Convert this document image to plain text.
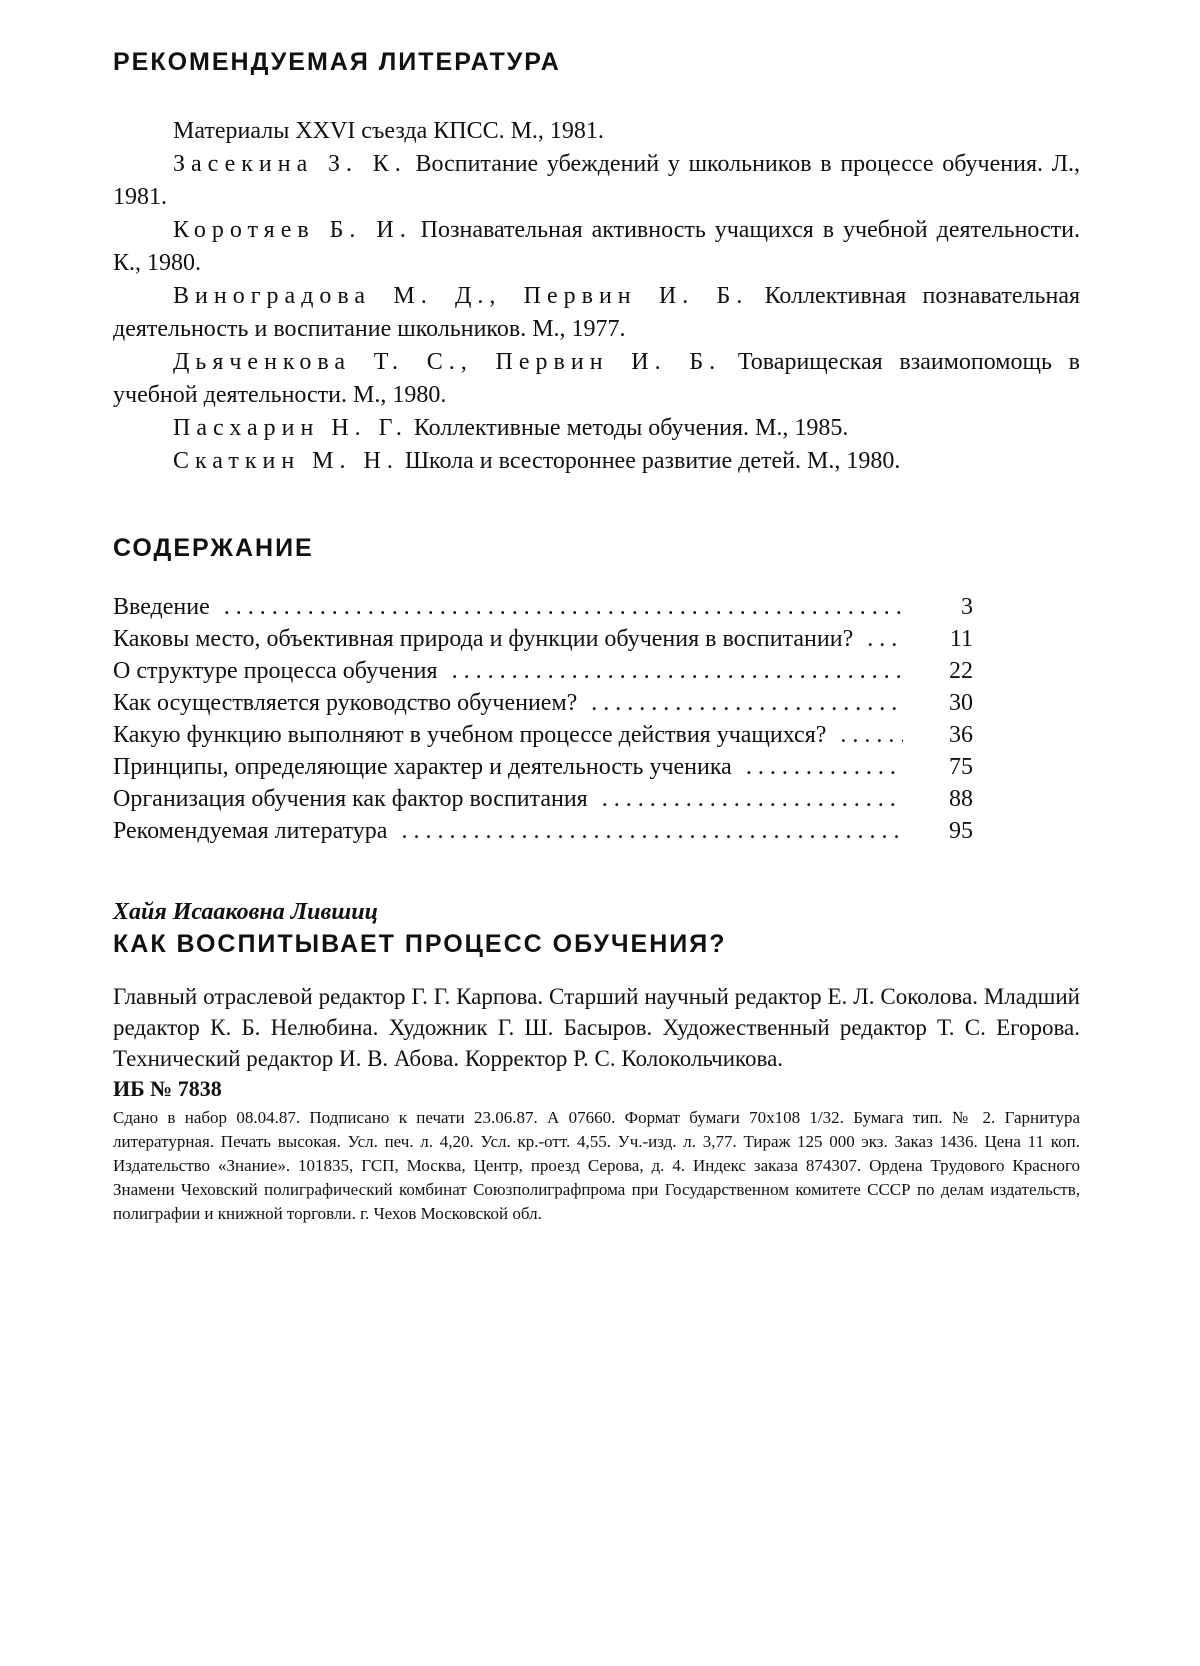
РЕКОМЕНДУЕМАЯ ЛИТЕРАТУРА

Материалы XXVI съезда КПСС. М., 1981.

Засекина З. К. Воспитание убеждений у школьников в процессе обучения. Л., 1981.

Коротяев Б. И. Познавательная активность учащихся в учебной деятельности. К., 1980.

Виноградова М. Д., Первин И. Б. Коллективная познавательная деятельность и воспитание школьников. М., 1977.

Дьяченкова Т. С., Первин И. Б. Товарищеская взаимопомощь в учебной деятельности. М., 1980.

Пасхарин Н. Г. Коллективные методы обучения. М., 1985.

Скаткин М. Н. Школа и всестороннее развитие детей. М., 1980.

СОДЕРЖАНИЕ
Введение . . .	3
Каковы место, объективная природа и функции обучения в воспитании? . . .	11
О структуре процесса обучения . . .	22
Как осуществляется руководство обучением? . . .	30
Какую функцию выполняют в учебном процессе действия учащихся? . . .	36
Принципы, определяющие характер и деятельность ученика . . .	75
Организация обучения как фактор воспитания . . .	88
Рекомендуемая литература . . .	95
Хайя Исааковна Лившиц
КАК ВОСПИТЫВАЕТ ПРОЦЕСС ОБУЧЕНИЯ?
Главный отраслевой редактор Г. Г. Карпова. Старший научный редактор Е. Л. Соколова. Младший редактор К. Б. Нелюбина. Художник Г. Ш. Басыров. Художественный редактор Т. С. Егорова. Технический редактор И. В. Абова. Корректор Р. С. Колокольчикова.
ИБ № 7838
Сдано в набор 08.04.87. Подписано к печати 23.06.87. А 07660. Формат бумаги 70х108 1/32. Бумага тип. № 2. Гарнитура литературная. Печать высокая. Усл. печ. л. 4,20. Усл. кр.-отт. 4,55. Уч.-изд. л. 3,77. Тираж 125 000 экз. Заказ 1436. Цена 11 коп. Издательство «Знание». 101835, ГСП, Москва, Центр, проезд Серова, д. 4. Индекс заказа 874307. Ордена Трудового Красного Знамени Чеховский полиграфический комбинат Союзполиграфпрома при Государственном комитете СССР по делам издательств, полиграфии и книжной торговли. г. Чехов Московской обл.
